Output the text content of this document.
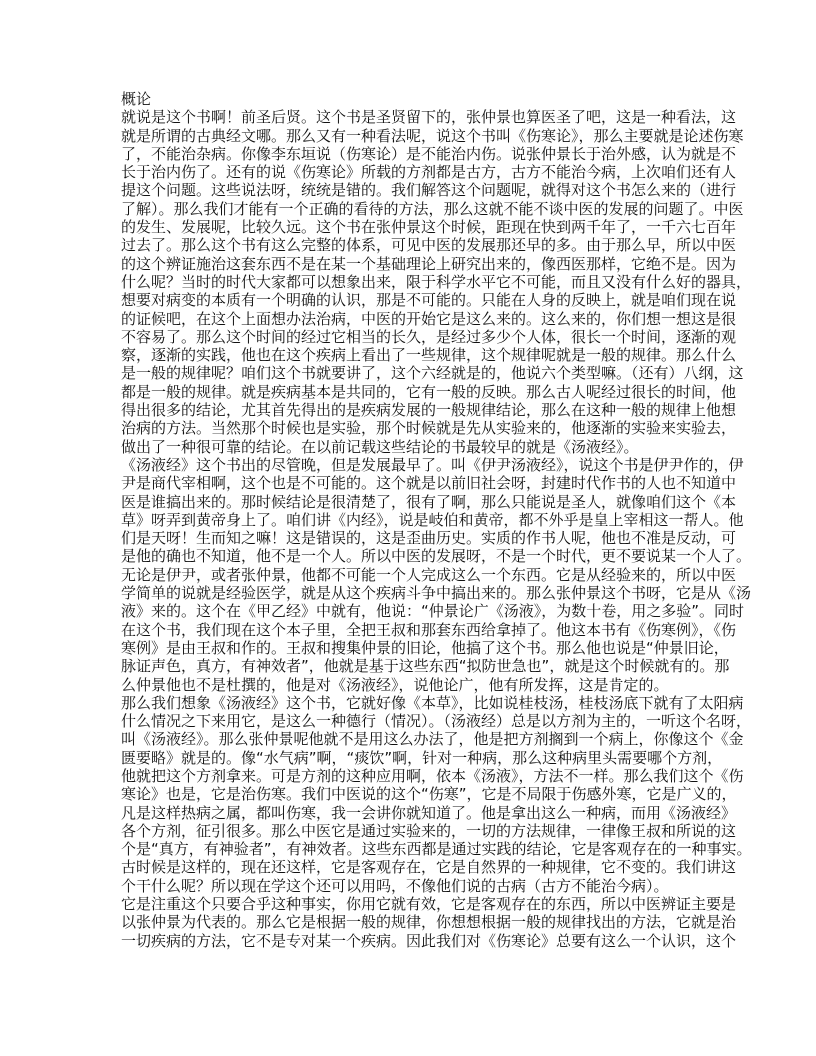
概论
就说是这个书啊！前圣后贤。这个书是圣贤留下的，张仲景也算医圣了吧，这是一种看法，这
就是所谓的古典经文哪。那么又有一种看法呢，说这个书叫《伤寒论》，那么主要就是论述伤寒
了，不能治杂病。你像李东垣说（伤寒论）是不能治内伤。说张仲景长于治外感，认为就是不
长于治内伤了。还有的说《伤寒论》所载的方剂都是古方，古方不能治今病，上次咱们还有人
提这个问题。这些说法呀，统统是错的。我们解答这个问题呢，就得对这个书怎么来的（进行
了解）。那么我们才能有一个正确的看待的方法，那么这就不能不谈中医的发展的问题了。中医
的发生、发展呢，比较久远。这个书在张仲景这个时候，距现在快到两千年了，一千六七百年
过去了。那么这个书有这么完整的体系，可见中医的发展那还早的多。由于那么早，所以中医
的这个辨证施治这套东西不是在某一个基础理论上研究出来的，像西医那样，它绝不是。因为
什么呢？当时的时代大家都可以想象出来，限于科学水平它不可能，而且又没有什么好的器具，
想要对病变的本质有一个明确的认识，那是不可能的。只能在人身的反映上，就是咱们现在说
的证候吧，在这个上面想办法治病，中医的开始它是这么来的。这么来的，你们想一想这是很
不容易了。那么这个时间的经过它相当的长久，是经过多少个人体，很长一个时间，逐渐的观
察，逐渐的实践，他也在这个疾病上看出了一些规律，这个规律呢就是一般的规律。那么什么
是一般的规律呢？咱们这个书就要讲了，这个六经就是的，他说六个类型嘛。（还有）八纲，这
都是一般的规律。就是疾病基本是共同的，它有一般的反映。那么古人呢经过很长的时间，他
得出很多的结论，尤其首先得出的是疾病发展的一般规律结论，那么在这种一般的规律上他想
治病的方法。当然那个时候也是实验，那个时候就是先从实验来的，他逐渐的实验来实验去，
做出了一种很可靠的结论。在以前记载这些结论的书最较早的就是《汤液经》。
《汤液经》这个书出的尽管晚，但是发展最早了。叫《伊尹汤液经》，说这个书是伊尹作的，伊
尹是商代宰相啊，这个也是不可能的。这个就是以前旧社会呀，封建时代作书的人也不知道中
医是谁搞出来的。那时候结论是很清楚了，很有了啊，那么只能说是圣人，就像咱们这个《本
草》呀弄到黄帝身上了。咱们讲《内经》，说是岐伯和黄帝，都不外乎是皇上宰相这一帮人。他
们是天呀！生而知之嘛！这是错误的，这是歪曲历史。实质的作书人呢，他也不准是反动，可
是他的确也不知道，他不是一个人。所以中医的发展呀，不是一个时代，更不要说某一个人了。
无论是伊尹，或者张仲景，他都不可能一个人完成这么一个东西。它是从经验来的，所以中医
学简单的说就是经验医学，就是从这个疾病斗争中搞出来的。那么张仲景这个书呀，它是从《汤
液》来的。这个在《甲乙经》中就有，他说：“仲景论广《汤液》，为数十卷，用之多验”。同时
在这个书，我们现在这个本子里，全把王叔和那套东西给拿掉了。他这本书有《伤寒例》，《伤
寒例》是由王叔和作的。王叔和搜集仲景的旧论，他搞了这个书。那么他也说是“仲景旧论，
脉证声色，真方，有神效者”，他就是基于这些东西“拟防世急也”，就是这个时候就有的。那
么仲景他也不是杜撰的，他是对《汤液经》，说他论广，他有所发挥，这是肯定的。
那么我们想象《汤液经》这个书，它就好像《本草》，比如说桂枝汤，桂枝汤底下就有了太阳病
什么情况之下来用它，是这么一种德行（情况）。（汤液经）总是以方剂为主的，一听这个名呀，
叫《汤液经》。那么张仲景呢他就不是用这么办法了，他是把方剂搁到一个病上，你像这个《金
匮要略》就是的。像“水气病”啊，“痰饮”啊，针对一种病，那么这种病里头需要哪个方剂，
他就把这个方剂拿来。可是方剂的这种应用啊，依本《汤液》，方法不一样。那么我们这个《伤
寒论》也是，它是治伤寒。我们中医说的这个“伤寒”，它是不局限于伤感外寒，它是广义的，
凡是这样热病之属，都叫伤寒，我一会讲你就知道了。他是拿出这么一种病，而用《汤液经》
各个方剂，征引很多。那么中医它是通过实验来的，一切的方法规律，一律像王叔和所说的这
个是“真方，有神验者”，有神效者。这些东西都是通过实践的结论，它是客观存在的一种事实。
古时候是这样的，现在还这样，它是客观存在，它是自然界的一种规律，它不变的。我们讲这
个干什么呢？所以现在学这个还可以用吗，不像他们说的古病（古方不能治今病）。
它是注重这个只要合乎这种事实，你用它就有效，它是客观存在的东西，所以中医辨证主要是
以张仲景为代表的。那么它是根据一般的规律，你想想根据一般的规律找出的方法，它就是治
一切疾病的方法，它不是专对某一个疾病。因此我们对《伤寒论》总要有这么一个认识，这个
